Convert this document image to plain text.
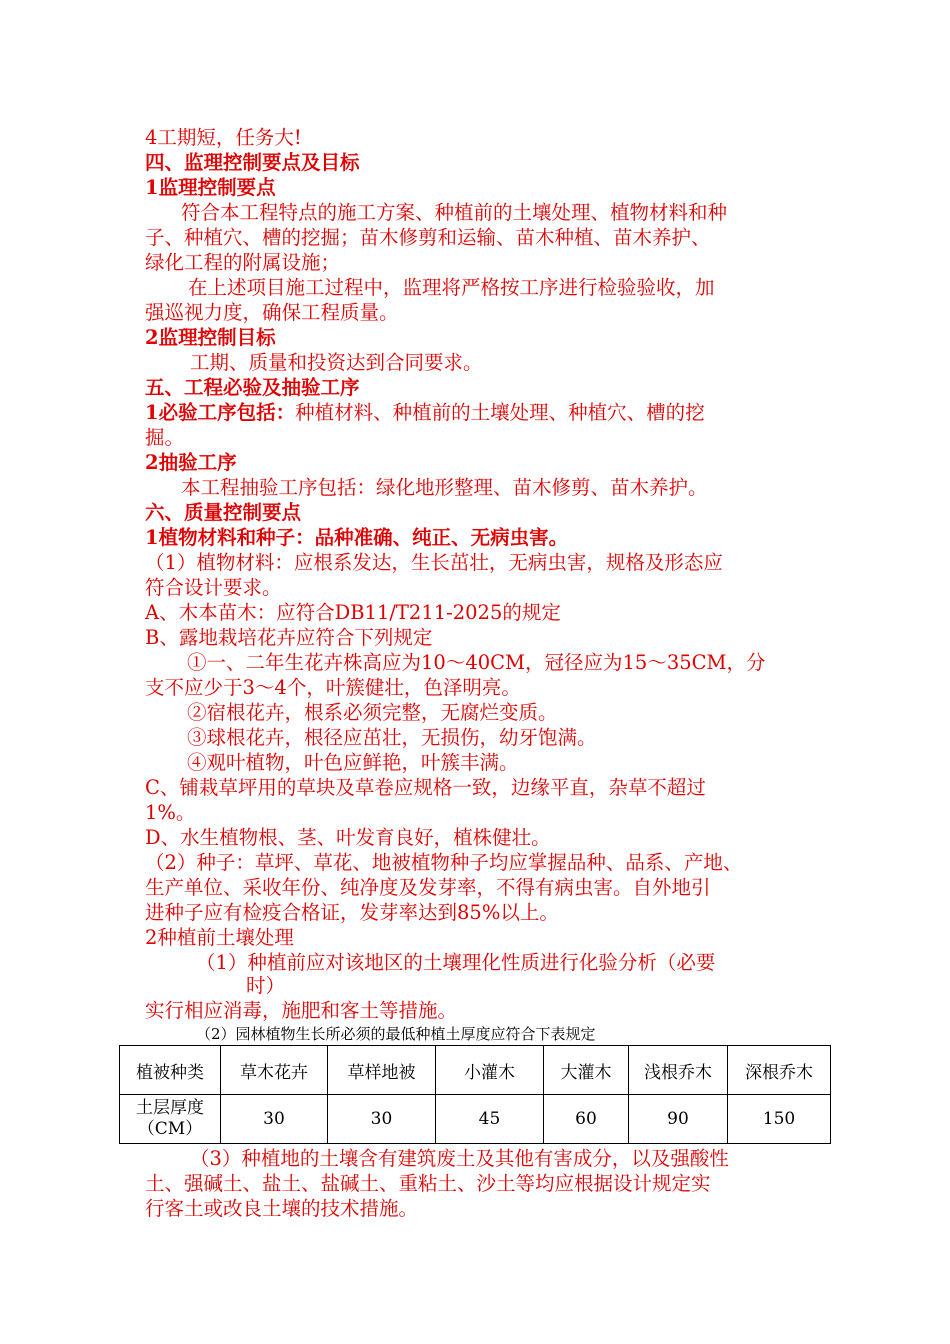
4工期短，任务大!
四、监理控制要点及目标
1监理控制要点
符合本工程特点的施工方案、种植前的土壤处理、植物材料和种
子、种植穴、槽的挖掘；苗木修剪和运输、苗木种植、苗木养护、
绿化工程的附属设施；
在上述项目施工过程中，监理将严格按工序进行检验验收，加
强巡视力度，确保工程质量。
2监理控制目标
工期、质量和投资达到合同要求。
五、工程必验及抽验工序
1必验工序包括：种植材料、种植前的土壤处理、种植穴、槽的挖
掘。
2抽验工序
本工程抽验工序包括：绿化地形整理、苗木修剪、苗木养护。
六、质量控制要点
1植物材料和种子：品种准确、纯正、无病虫害。
（1）植物材料：应根系发达，生长茁壮，无病虫害，规格及形态应
符合设计要求。
A、木本苗木：应符合DB11/T211-2025的规定
B、露地栽培花卉应符合下列规定
①一、二年生花卉株高应为10～40CM，冠径应为15～35CM，分
支不应少于3～4个，叶簇健壮，色泽明亮。
②宿根花卉，根系必须完整，无腐烂变质。
③球根花卉，根径应茁壮，无损伤，幼牙饱满。
④观叶植物，叶色应鲜艳，叶簇丰满。
C、铺栽草坪用的草块及草卷应规格一致，边缘平直，杂草不超过
1%。
D、水生植物根、茎、叶发育良好，植株健壮。
（2）种子：草坪、草花、地被植物种子均应掌握品种、品系、产地、
生产单位、采收年份、纯净度及发芽率，不得有病虫害。自外地引
进种子应有检疫合格证，发芽率达到85%以上。
2种植前土壤处理
（1）种植前应对该地区的土壤理化性质进行化验分析（必要
时）
实行相应消毒，施肥和客土等措施。
（2）园林植物生长所必须的最低种植土厚度应符合下表规定
植被种类	草木花卉	草样地被	小灌木	大灌木	浅根乔木	深根乔木
土层厚度
（CM）	30	30	45	60	90	150
（3）种植地的土壤含有建筑废土及其他有害成分，以及强酸性
土、强碱土、盐土、盐碱土、重粘土、沙土等均应根据设计规定实
行客土或改良土壤的技术措施。
